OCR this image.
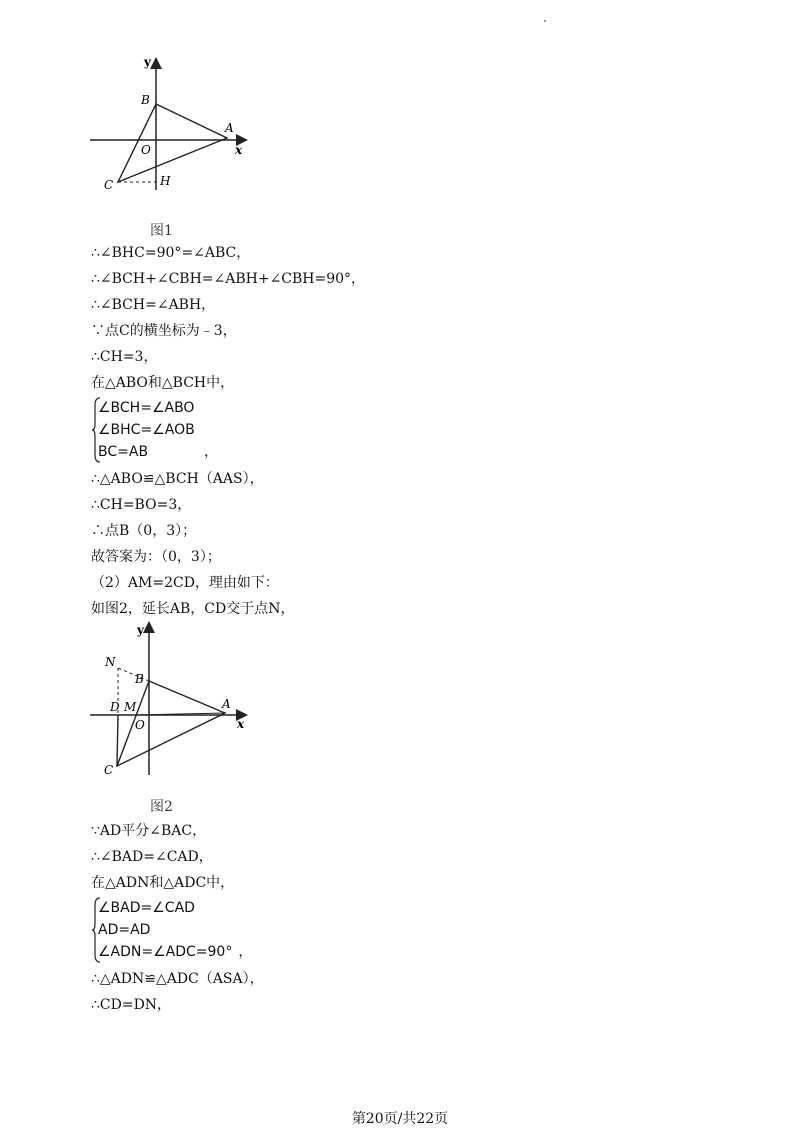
y
x
B
A
O
C	H
图1
∴∠BHC=90°=∠ABC，
∴∠BCH+∠CBH=∠ABH+∠CBH=90°，
∴∠BCH=∠ABH，
∵点C的横坐标为﹣3，
∴CH=3，
在△ABO和△BCH中，
∠BCH=∠ABO
∠BHC=∠AOB
BC=AB	，
∴△ABO≌△BCH（AAS），
∴CH=BO=3，
∴点B（0，3）；
故答案为：（0，3）；
（2）AM=2CD，理由如下：
如图2，延长AB，CD交于点N，
y
x
N
B
D M
O
A
C
图2
∵AD平分∠BAC，
∴∠BAD=∠CAD，
在△ADN和△ADC中，
∠BAD=∠CAD
AD=AD
∠ADN=∠ADC=90° ，
∴△ADN≌△ADC（ASA），
∴CD=DN，
第20页/共22页
